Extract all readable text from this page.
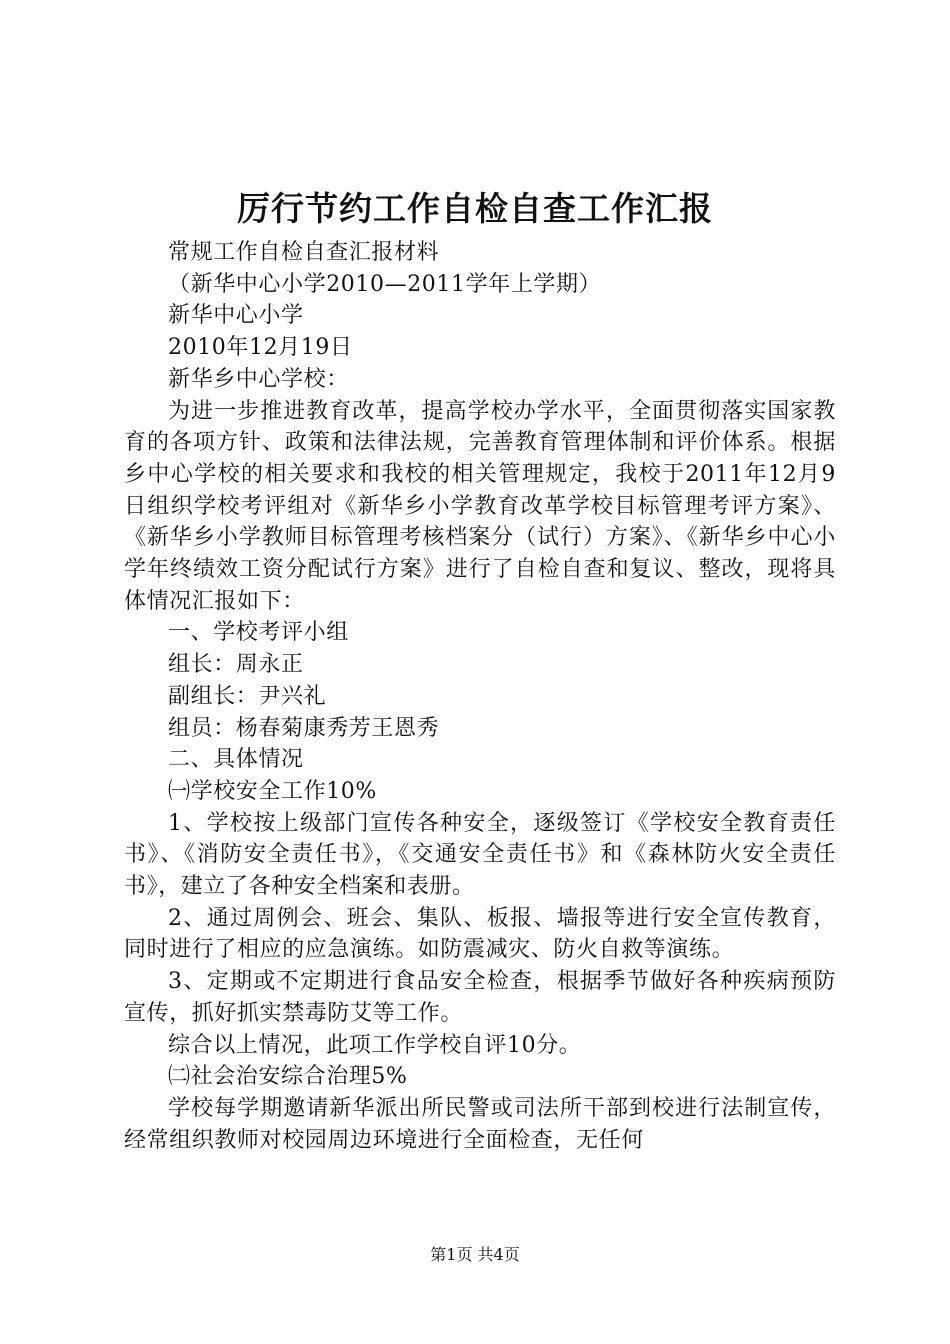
厉行节约工作自检自查工作汇报

常规工作自检自查汇报材料

（新华中心小学2010—2011学年上学期）

新华中心小学

2010年12月19日

新华乡中心学校：

为进一步推进教育改革，提高学校办学水平，全面贯彻落实国家教育的各项方针、政策和法律法规，完善教育管理体制和评价体系。根据乡中心学校的相关要求和我校的相关管理规定，我校于2011年12月9日组织学校考评组对《新华乡小学教育改革学校目标管理考评方案》、《新华乡小学教师目标管理考核档案分（试行）方案》、《新华乡中心小学年终绩效工资分配试行方案》进行了自检自查和复议、整改，现将具体情况汇报如下：

一、学校考评小组

组长：周永正

副组长：尹兴礼

组员：杨春菊康秀芳王恩秀

二、具体情况

㈠学校安全工作10%

1、学校按上级部门宣传各种安全，逐级签订《学校安全教育责任书》、《消防安全责任书》，《交通安全责任书》和《森林防火安全责任书》，建立了各种安全档案和表册。

2、通过周例会、班会、集队、板报、墙报等进行安全宣传教育，同时进行了相应的应急演练。如防震减灾、防火自救等演练。

3、定期或不定期进行食品安全检查，根据季节做好各种疾病预防宣传，抓好抓实禁毒防艾等工作。

综合以上情况，此项工作学校自评10分。

㈡社会治安综合治理5%

学校每学期邀请新华派出所民警或司法所干部到校进行法制宣传，经常组织教师对校园周边环境进行全面检查，无任何

第1页 共4页
